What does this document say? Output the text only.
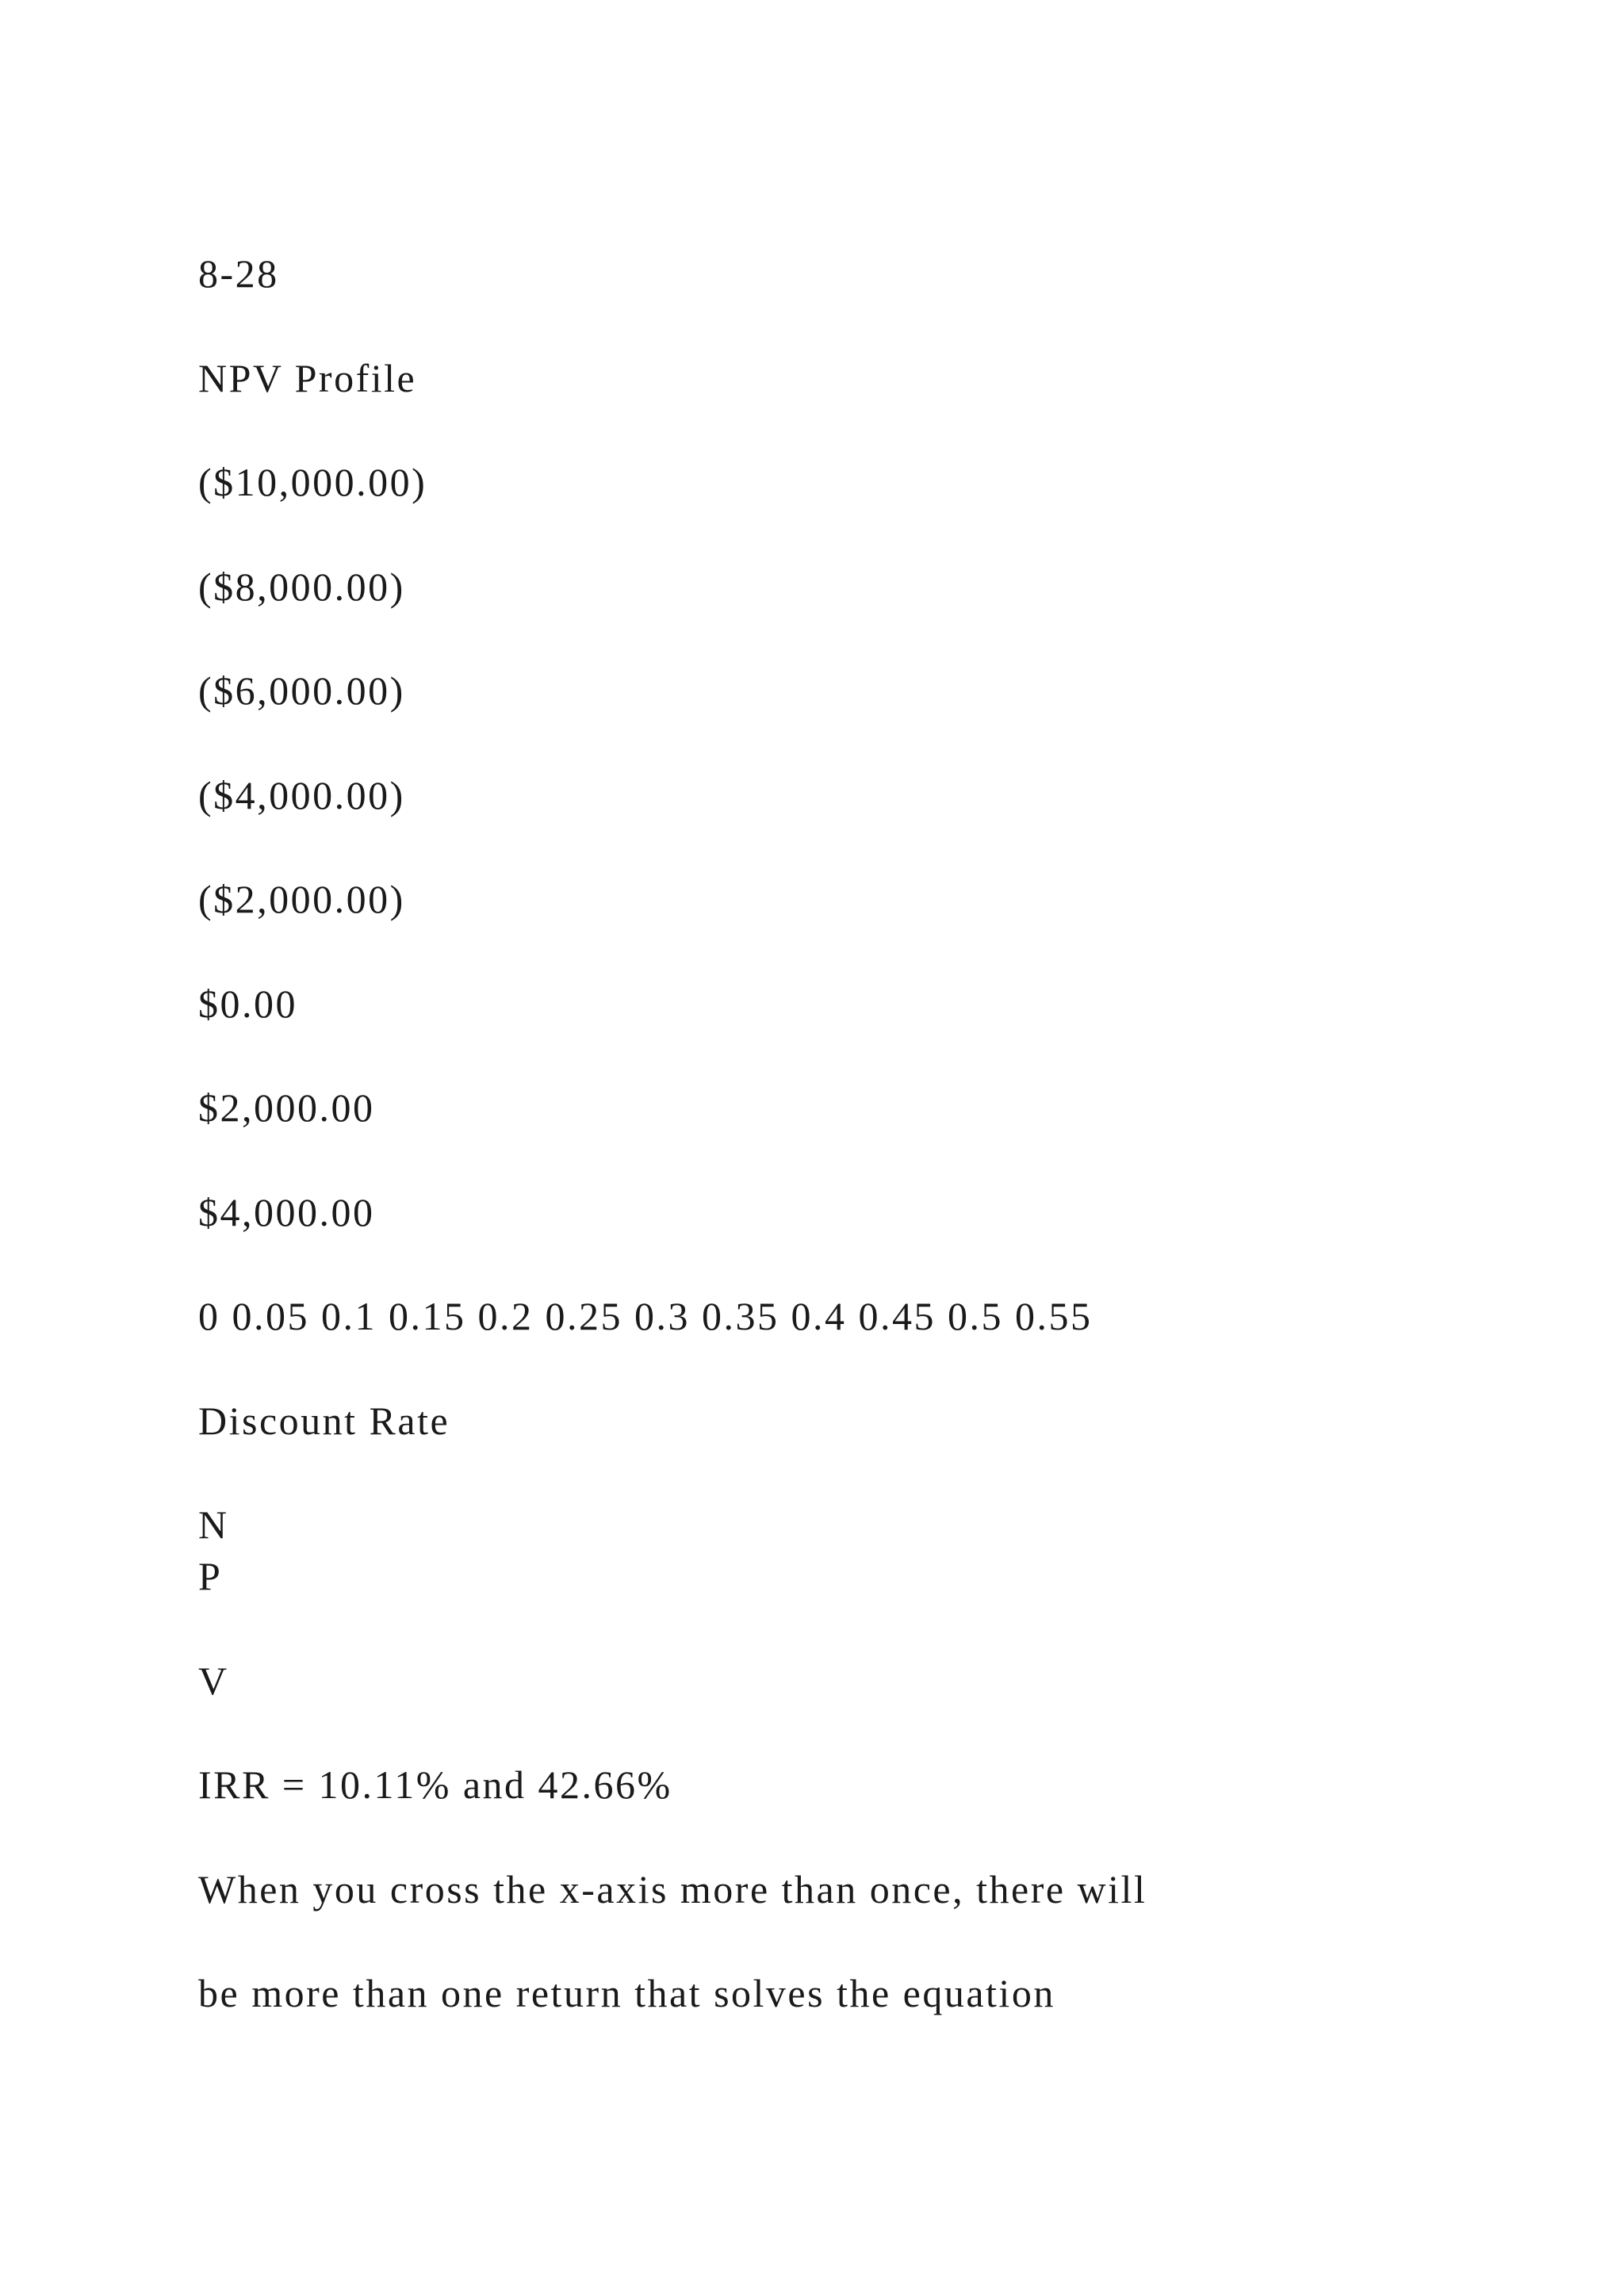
8-28
NPV Profile
($10,000.00)
($8,000.00)
($6,000.00)
($4,000.00)
($2,000.00)
$0.00
$2,000.00
$4,000.00
0 0.05 0.1 0.15 0.2 0.25 0.3 0.35 0.4 0.45 0.5 0.55
Discount Rate
N
P
V
IRR = 10.11% and 42.66%
When you cross the x-axis more than once, there will
be more than one return that solves the equation
